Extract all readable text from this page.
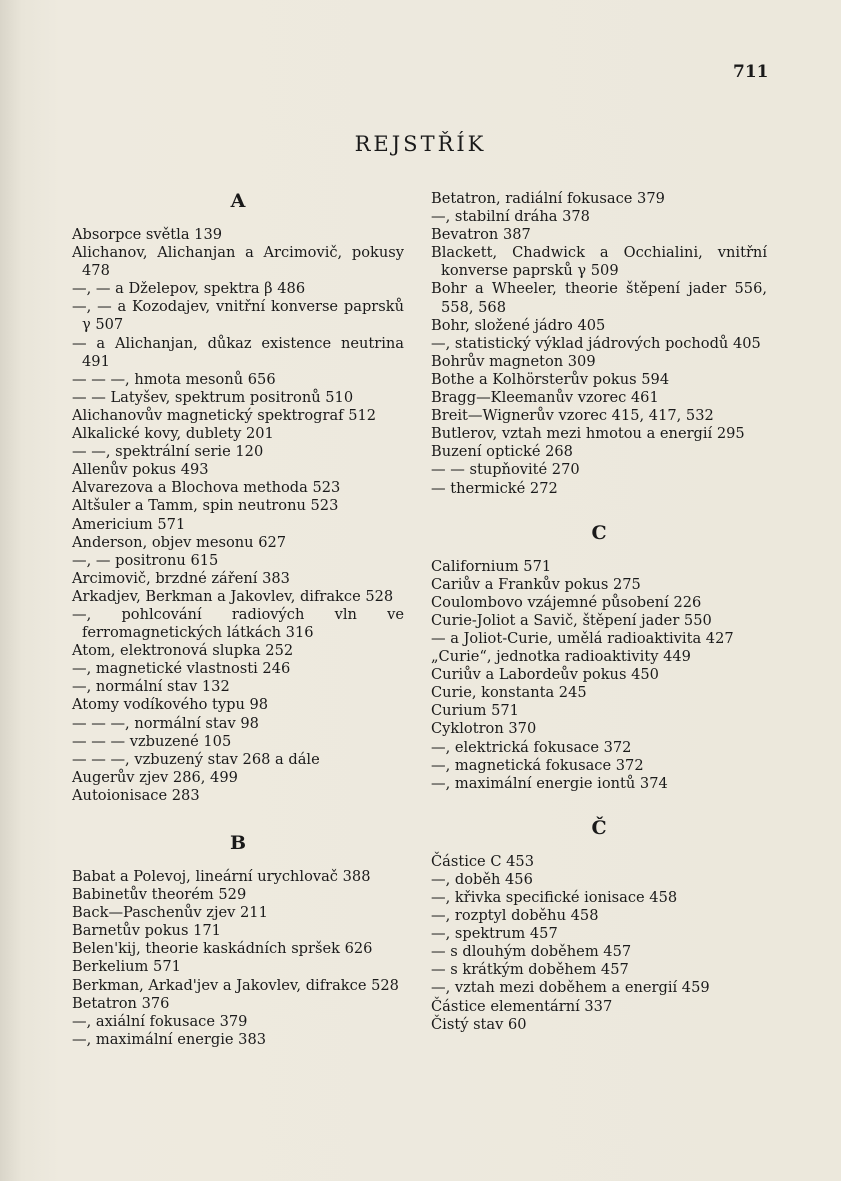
711
REJSTŘÍK
A
Absorpce světla 139
Alichanov, Alichanjan a Arcimovič, pokusy 478
—, — a Dželepov, spektra β 486
—, — a Kozodajev, vnitřní konverse paprsků γ 507
— a Alichanjan, důkaz existence neutrina 491
— — —, hmota mesonů 656
— — Latyšev, spektrum positronů 510
Alichanovův magnetický spektrograf 512
Alkalické kovy, dublety 201
— —, spektrální serie 120
Allenův pokus 493
Alvarezova a Blochova methoda 523
Altšuler a Tamm, spin neutronu 523
Americium 571
Anderson, objev mesonu 627
—, — positronu 615
Arcimovič, brzdné záření 383
Arkadjev, Berkman a Jakovlev, difrakce 528
—, pohlcování radiových vln ve ferromagnetických látkách 316
Atom, elektronová slupka 252
—, magnetické vlastnosti 246
—, normální stav 132
Atomy vodíkového typu 98
— — —, normální stav 98
— — — vzbuzené 105
— — —, vzbuzený stav 268 a dále
Augerův zjev 286, 499
Autoionisace 283
B
Babat a Polevoj, lineární urychlovač 388
Babinetův theorém 529
Back—Paschenův zjev 211
Barnetův pokus 171
Belen'kij, theorie kaskádních spršek 626
Berkelium 571
Berkman, Arkad'jev a Jakovlev, difrakce 528
Betatron 376
—, axiální fokusace 379
—, maximální energie 383
Betatron, radiální fokusace 379
—, stabilní dráha 378
Bevatron 387
Blackett, Chadwick a Occhialini, vnitřní konverse paprsků γ 509
Bohr a Wheeler, theorie štěpení jader 556, 558, 568
Bohr, složené jádro 405
—, statistický výklad jádrových pochodů 405
Bohrův magneton 309
Bothe a Kolhörsterův pokus 594
Bragg—Kleemanův vzorec 461
Breit—Wignerův vzorec 415, 417, 532
Butlerov, vztah mezi hmotou a energií 295
Buzení optické 268
— — stupňovité 270
— thermické 272
C
Californium 571
Cariův a Frankův pokus 275
Coulombovo vzájemné působení 226
Curie-Joliot a Savič, štěpení jader 550
— a Joliot-Curie, umělá radioaktivita 427
„Curie“, jednotka radioaktivity 449
Curiův a Labordeův pokus 450
Curie, konstanta 245
Curium 571
Cyklotron 370
—, elektrická fokusace 372
—, magnetická fokusace 372
—, maximální energie iontů 374
Č
Částice C 453
—, doběh 456
—, křivka specifické ionisace 458
—, rozptyl doběhu 458
—, spektrum 457
— s dlouhým doběhem 457
— s krátkým doběhem 457
—, vztah mezi doběhem a energií 459
Částice elementární 337
Čistý stav 60
